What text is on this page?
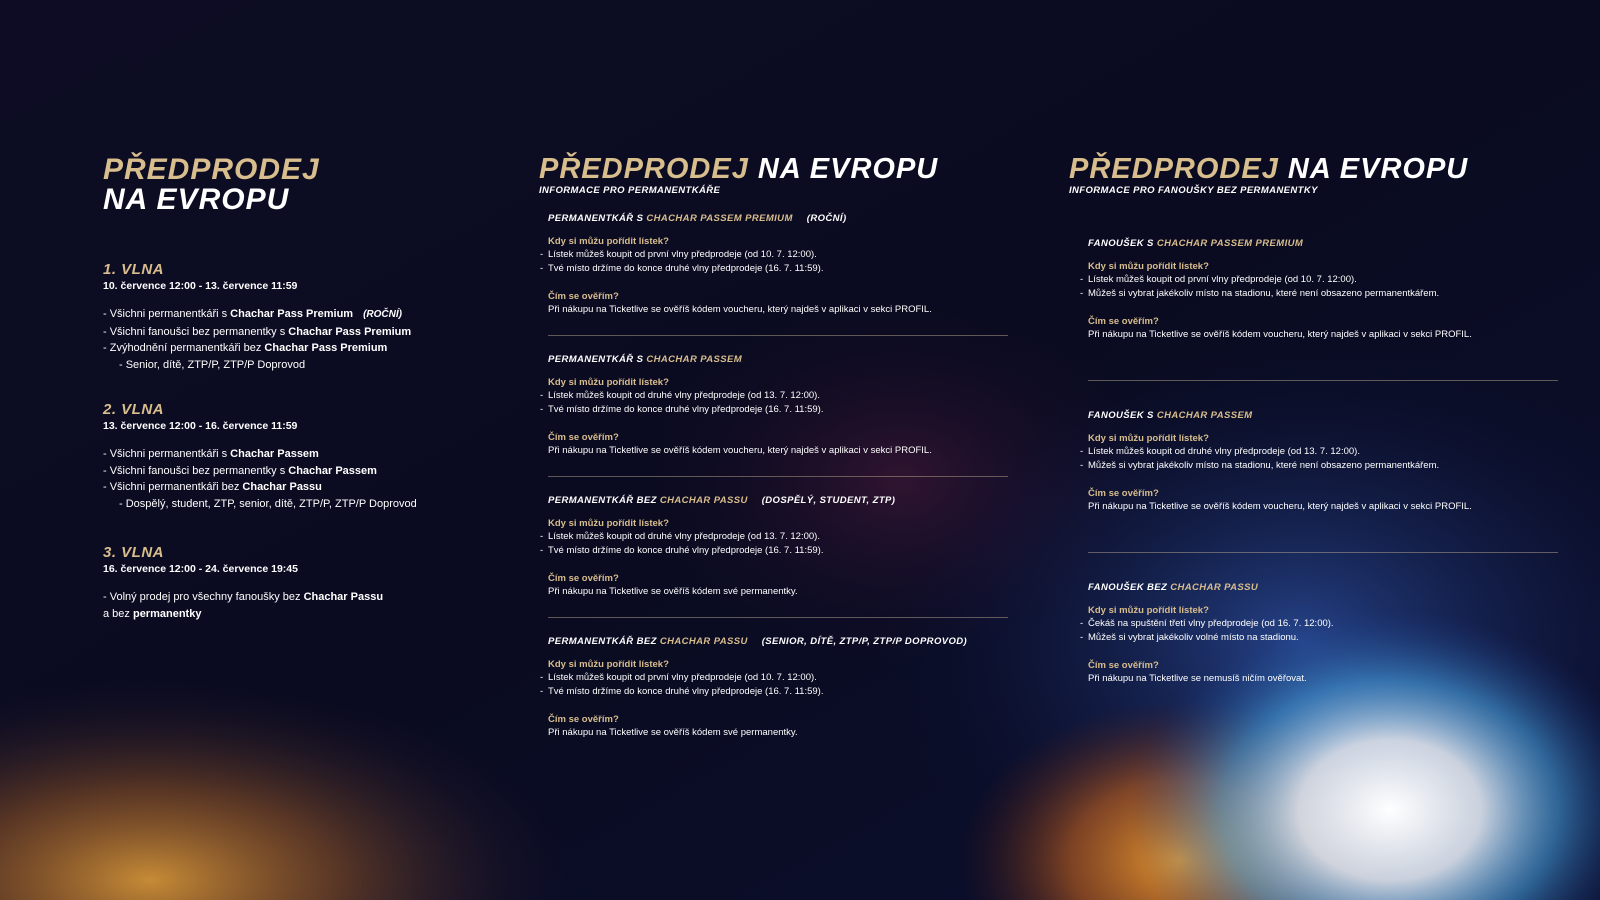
PŘEDPRODEJ
NA EVROPU
1. VLNA
10. července 12:00 - 13. července 11:59
- Všichni permanentkáři s Chachar Pass Premium (ROČNÍ)
- Všichni fanoušci bez permanentky s Chachar Pass Premium
- Zvýhodnění permanentkáři bez Chachar Pass Premium
- Senior, dítě, ZTP/P, ZTP/P Doprovod
2. VLNA
13. července 12:00 - 16. července 11:59
- Všichni permanentkáři s Chachar Passem
- Všichni fanoušci bez permanentky s Chachar Passem
- Všichni permanentkáři bez Chachar Passu
- Dospělý, student, ZTP, senior, dítě, ZTP/P, ZTP/P Doprovod
3. VLNA
16. července 12:00 - 24. července 19:45
- Volný prodej pro všechny fanoušky bez Chachar Passu
a bez permanentky
PŘEDPRODEJ NA EVROPU
INFORMACE PRO PERMANENTKÁŘE
PERMANENTKÁŘ S CHACHAR PASSEM PREMIUM (ROČNÍ)
Kdy si můžu pořídit lístek?
- Lístek můžeš koupit od první vlny předprodeje (od 10. 7. 12:00).
- Tvé místo držíme do konce druhé vlny předprodeje (16. 7. 11:59).
Čím se ověřím?
Při nákupu na Ticketlive se ověříš kódem voucheru, který najdeš v aplikaci v sekci PROFIL.
PERMANENTKÁŘ S CHACHAR PASSEM
Kdy si můžu pořídit lístek?
- Lístek můžeš koupit od druhé vlny předprodeje (od 13. 7. 12:00).
- Tvé místo držíme do konce druhé vlny předprodeje (16. 7. 11:59).
Čím se ověřím?
Při nákupu na Ticketlive se ověříš kódem voucheru, který najdeš v aplikaci v sekci PROFIL.
PERMANENTKÁŘ BEZ CHACHAR PASSU (DOSPĚLÝ, STUDENT, ZTP)
Kdy si můžu pořídit lístek?
- Lístek můžeš koupit od druhé vlny předprodeje (od 13. 7. 12:00).
- Tvé místo držíme do konce druhé vlny předprodeje (16. 7. 11:59).
Čím se ověřím?
Při nákupu na Ticketlive se ověříš kódem své permanentky.
PERMANENTKÁŘ BEZ CHACHAR PASSU (SENIOR, DÍTĚ, ZTP/P, ZTP/P DOPROVOD)
Kdy si můžu pořídit lístek?
- Lístek můžeš koupit od první vlny předprodeje (od 10. 7. 12:00).
- Tvé místo držíme do konce druhé vlny předprodeje (16. 7. 11:59).
Čím se ověřím?
Při nákupu na Ticketlive se ověříš kódem své permanentky.
PŘEDPRODEJ NA EVROPU
INFORMACE PRO FANOUŠKY BEZ PERMANENTKY
FANOUŠEK S CHACHAR PASSEM PREMIUM
Kdy si můžu pořídit lístek?
- Lístek můžeš koupit od první vlny předprodeje (od 10. 7. 12:00).
- Můžeš si vybrat jakékoliv místo na stadionu, které není obsazeno permanentkářem.
Čím se ověřím?
Při nákupu na Ticketlive se ověříš kódem voucheru, který najdeš v aplikaci v sekci PROFIL.
FANOUŠEK S CHACHAR PASSEM
Kdy si můžu pořídit lístek?
- Lístek můžeš koupit od druhé vlny předprodeje (od 13. 7. 12:00).
- Můžeš si vybrat jakékoliv místo na stadionu, které není obsazeno permanentkářem.
Čím se ověřím?
Při nákupu na Ticketlive se ověříš kódem voucheru, který najdeš v aplikaci v sekci PROFIL.
FANOUŠEK BEZ CHACHAR PASSU
Kdy si můžu pořídit lístek?
- Čekáš na spuštění třetí vlny předprodeje (od 16. 7. 12:00).
- Můžeš si vybrat jakékoliv volné místo na stadionu.
Čím se ověřím?
Při nákupu na Ticketlive se nemusíš ničím ověřovat.
